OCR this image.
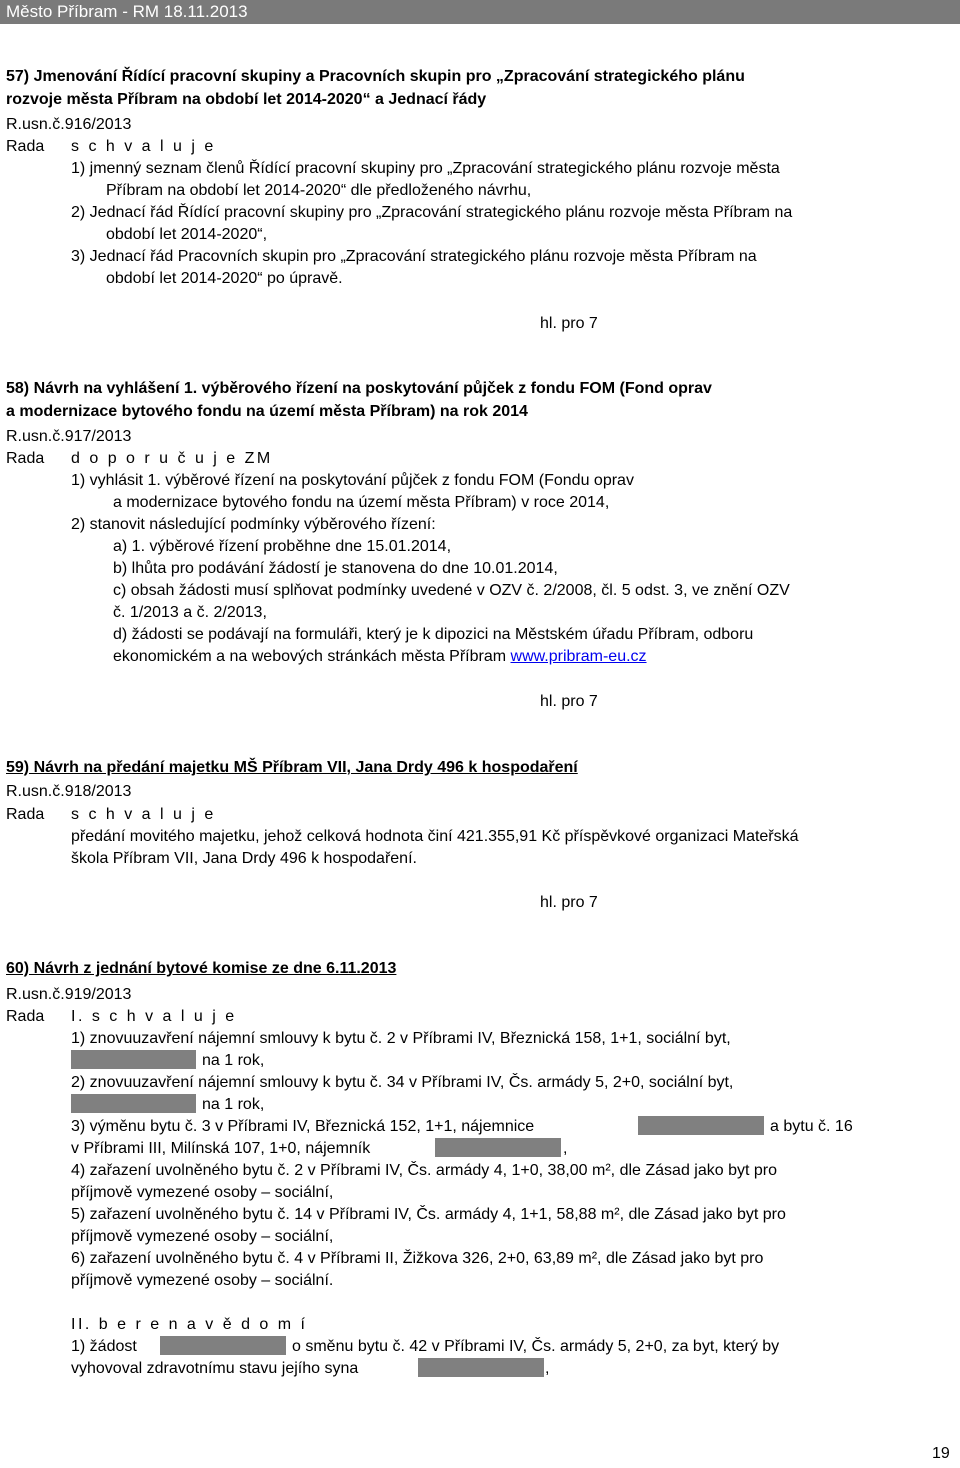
Město Příbram - RM 18.11.2013
57) Jmenování Řídící pracovní skupiny a Pracovních skupin pro „Zpracování strategického plánu
rozvoje města Příbram na období let 2014-2020“ a Jednací řády
R.usn.č.916/2013
Rada s c h v a l u j e
1) jmenný seznam členů Řídící pracovní skupiny pro „Zpracování strategického plánu rozvoje města
Příbram na období let 2014-2020“ dle předloženého návrhu,
2) Jednací řád Řídící pracovní skupiny pro „Zpracování strategického plánu rozvoje města Příbram na
období let 2014-2020“,
3) Jednací řád Pracovních skupin pro „Zpracování strategického plánu rozvoje města Příbram na
období let 2014-2020“ po úpravě.
hl. pro 7
58) Návrh na vyhlášení 1. výběrového řízení na poskytování půjček z fondu FOM (Fond oprav
a modernizace bytového fondu na území města Příbram) na rok 2014
R.usn.č.917/2013
Rada d o p o r u č u j e ZM
1) vyhlásit 1. výběrové řízení na poskytování půjček z fondu FOM (Fondu oprav
a modernizace bytového fondu na území města Příbram) v roce 2014,
2) stanovit následující podmínky výběrového řízení:
a) 1. výběrové řízení proběhne dne 15.01.2014,
b) lhůta pro podávání žádostí je stanovena do dne 10.01.2014,
c) obsah žádosti musí splňovat podmínky uvedené v OZV č. 2/2008, čl. 5 odst. 3, ve znění OZV
č. 1/2013 a č. 2/2013,
d) žádosti se podávají na formuláři, který je k dipozici na Městském úřadu Příbram, odboru
ekonomickém a na webových stránkách města Příbram www.pribram-eu.cz
hl. pro 7
59) Návrh na předání majetku MŠ Příbram VII, Jana Drdy 496 k hospodaření
R.usn.č.918/2013
Rada s c h v a l u j e
předání movitého majetku, jehož celková hodnota činí 421.355,91 Kč příspěvkové organizaci Mateřská
škola Příbram VII, Jana Drdy 496 k hospodaření.
hl. pro 7
60) Návrh z jednání bytové komise ze dne 6.11.2013
R.usn.č.919/2013
Rada I. s c h v a l u j e
1) znovuuzavření nájemní smlouvy k bytu č. 2 v Příbrami IV, Březnická 158, 1+1, sociální byt,
na 1 rok,
2) znovuuzavření nájemní smlouvy k bytu č. 34 v Příbrami IV, Čs. armády 5, 2+0, sociální byt,
na 1 rok,
3) výměnu bytu č. 3 v Příbrami IV, Březnická 152, 1+1, nájemnice	a bytu č. 16
v Příbrami III, Milínská 107, 1+0, nájemník	,
4) zařazení uvolněného bytu č. 2 v Příbrami IV, Čs. armády 4, 1+0, 38,00 m², dle Zásad jako byt pro
příjmově vymezené osoby – sociální,
5) zařazení uvolněného bytu č. 14 v Příbrami IV, Čs. armády 4, 1+1, 58,88 m², dle Zásad jako byt pro
příjmově vymezené osoby – sociální,
6) zařazení uvolněného bytu č. 4 v Příbrami II, Žižkova 326, 2+0, 63,89 m², dle Zásad jako byt pro
příjmově vymezené osoby – sociální.
II. b e r e n a v ě d o m í
1) žádost	o směnu bytu č. 42 v Příbrami IV, Čs. armády 5, 2+0, za byt, který by
vyhovoval zdravotnímu stavu jejího syna	,
19
